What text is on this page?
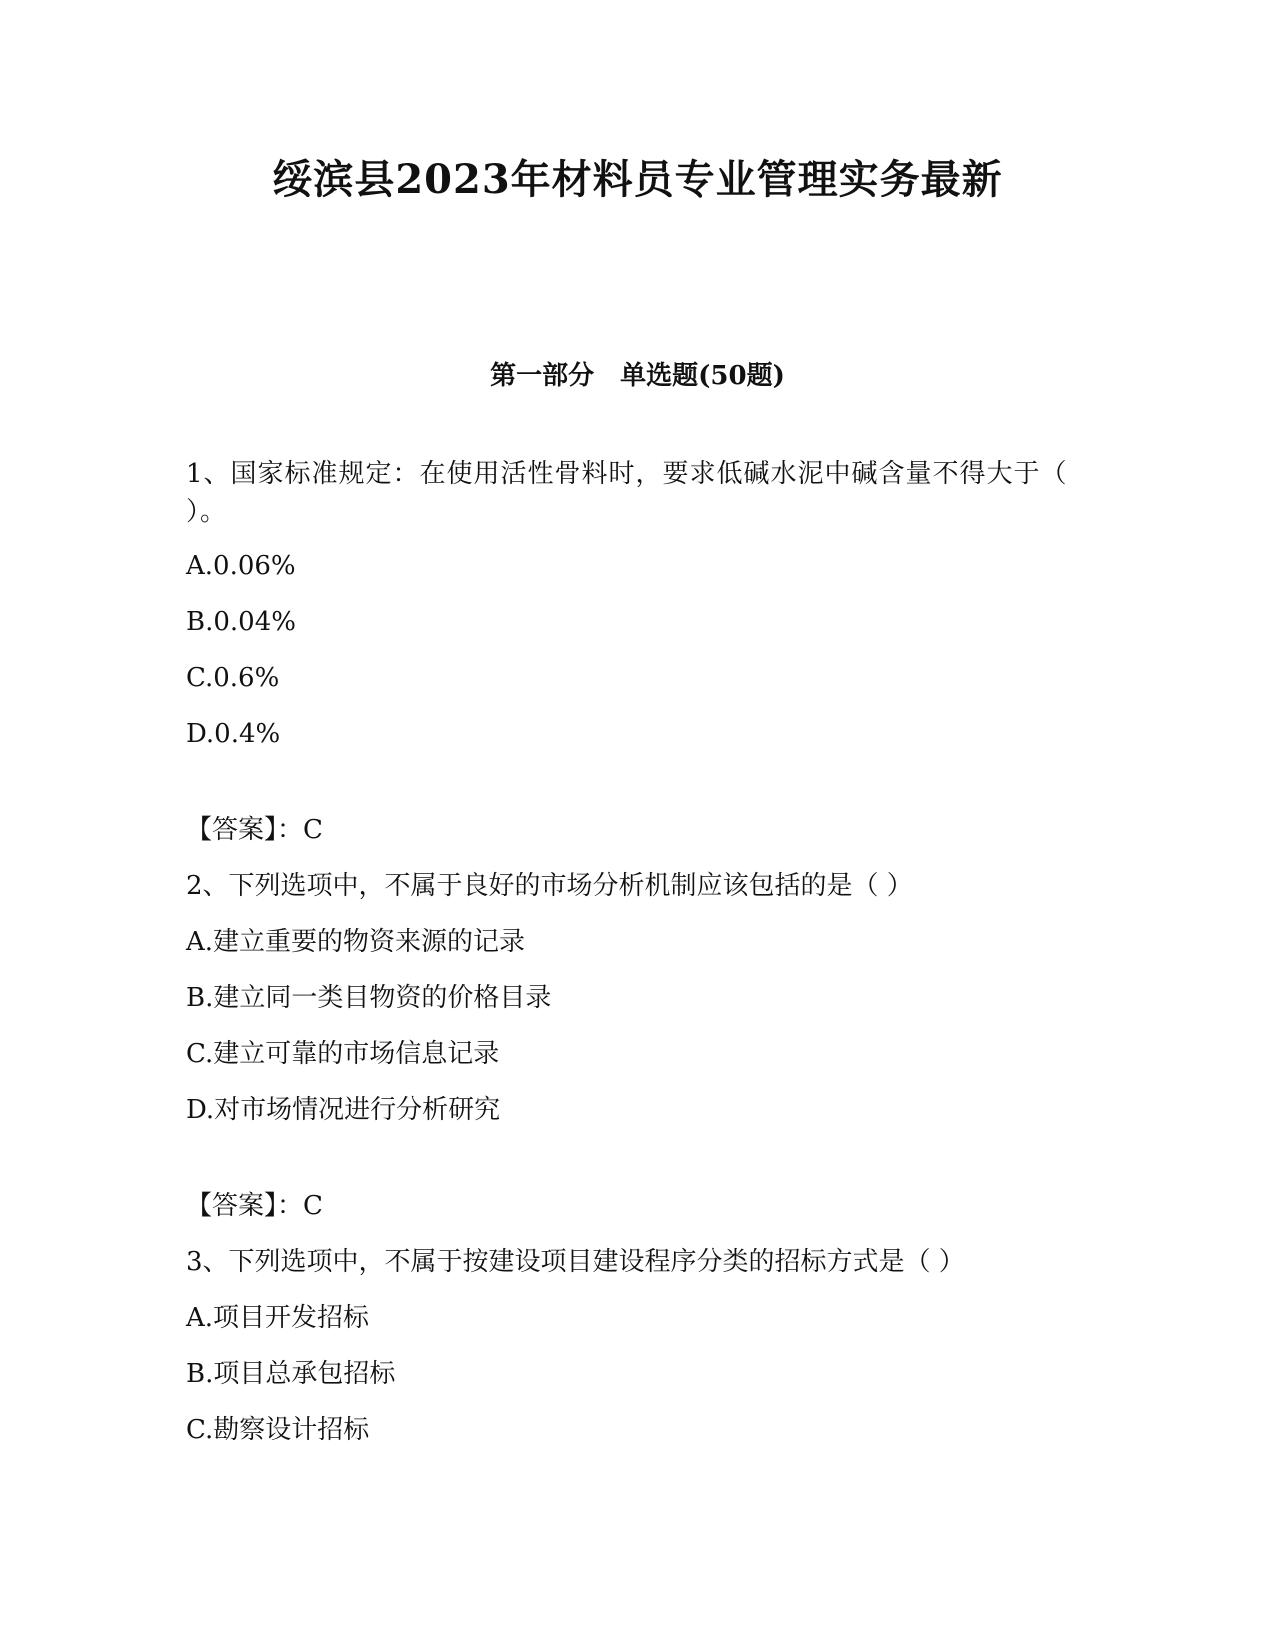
绥滨县2023年材料员专业管理实务最新
第一部分　单选题(50题)
1、国家标准规定：在使用活性骨料时，要求低碱水泥中碱含量不得大于（ ）。
A.0.06%
B.0.04%
C.0.6%
D.0.4%
【答案】：C
2、下列选项中，不属于良好的市场分析机制应该包括的是（ ）
A.建立重要的物资来源的记录
B.建立同一类目物资的价格目录
C.建立可靠的市场信息记录
D.对市场情况进行分析研究
【答案】：C
3、下列选项中，不属于按建设项目建设程序分类的招标方式是（ ）
A.项目开发招标
B.项目总承包招标
C.勘察设计招标
